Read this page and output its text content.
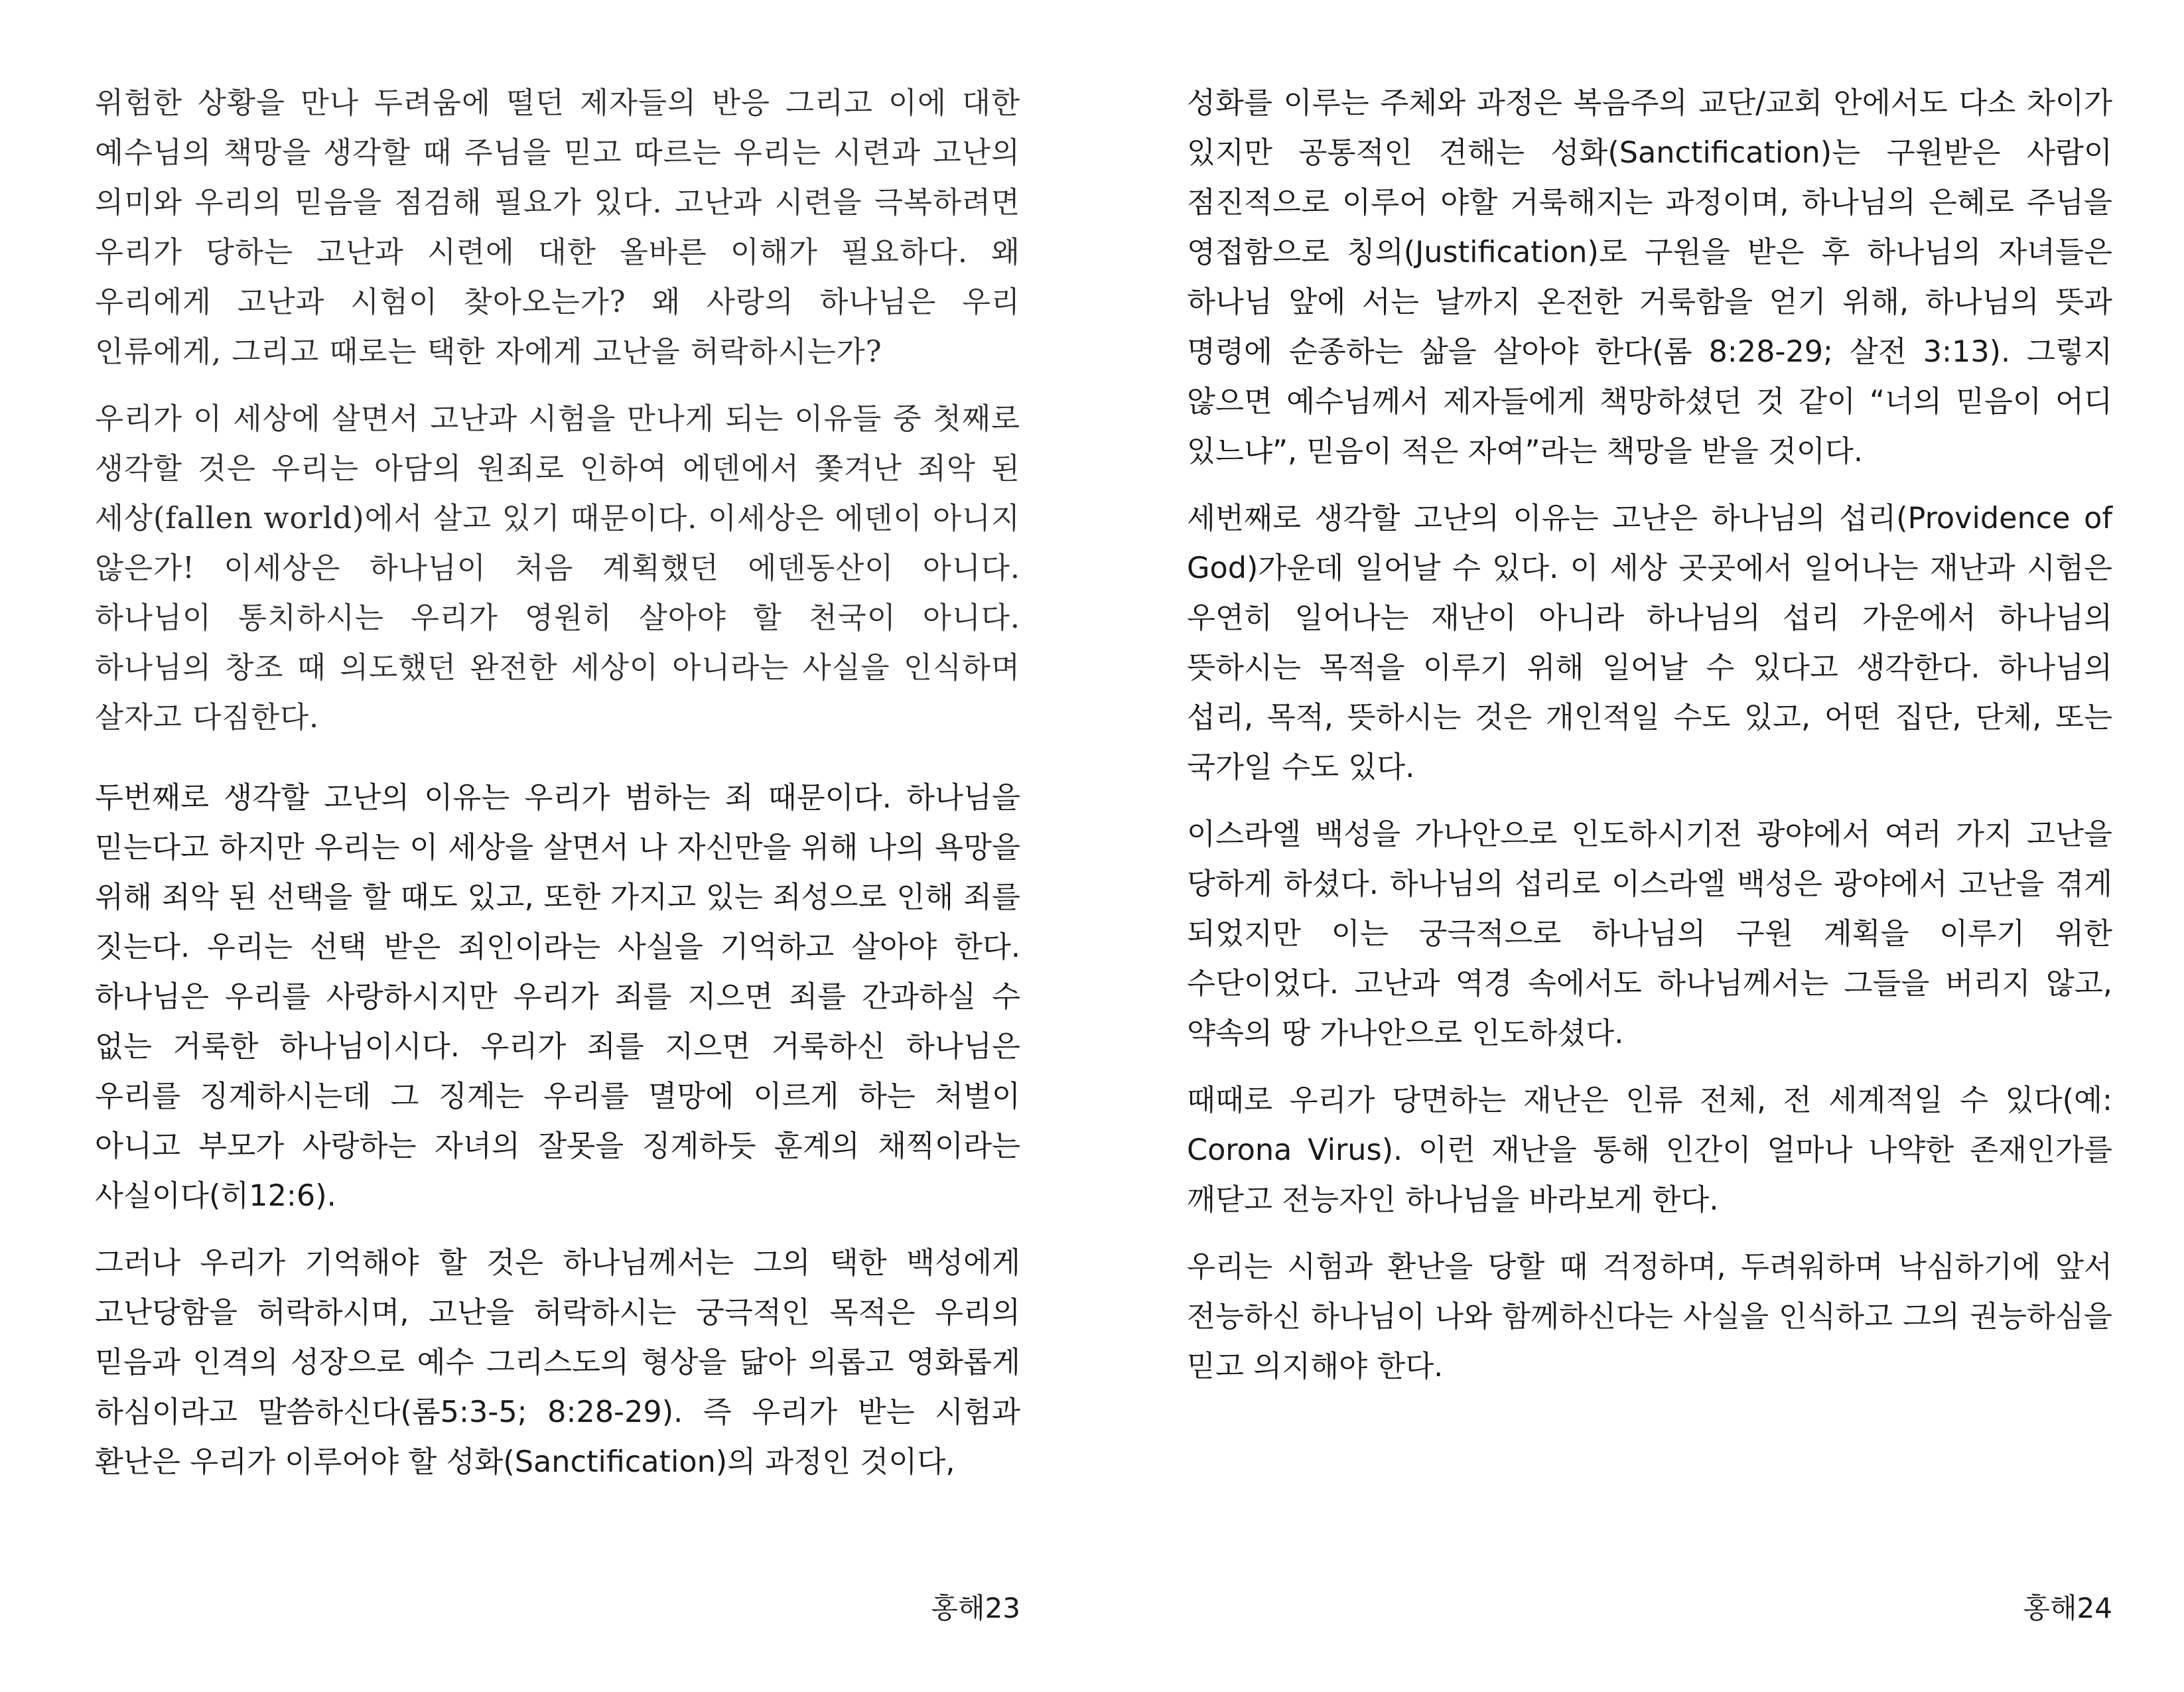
위험한 상황을 만나 두려움에 떨던 제자들의 반응 그리고 이에 대한 예수님의 책망을 생각할 때 주님을 믿고 따르는 우리는 시련과 고난의 의미와 우리의 믿음을 점검해 필요가 있다. 고난과 시련을 극복하려면 우리가 당하는 고난과 시련에 대한 올바른 이해가 필요하다. 왜 우리에게 고난과 시험이 찾아오는가? 왜 사랑의 하나님은 우리 인류에게, 그리고 때로는 택한 자에게 고난을 허락하시는가?

우리가 이 세상에 살면서 고난과 시험을 만나게 되는 이유들 중 첫째로 생각할 것은 우리는 아담의 원죄로 인하여 에덴에서 쫓겨난 죄악 된 세상(fallen world)에서 살고 있기 때문이다. 이세상은 에덴이 아니지 않은가! 이세상은 하나님이 처음 계획했던 에덴동산이 아니다. 하나님이 통치하시는 우리가 영원히 살아야 할 천국이 아니다. 하나님의 창조 때 의도했던 완전한 세상이 아니라는 사실을 인식하며 살자고 다짐한다.

두번째로 생각할 고난의 이유는 우리가 범하는 죄 때문이다. 하나님을 믿는다고 하지만 우리는 이 세상을 살면서 나 자신만을 위해 나의 욕망을 위해 죄악 된 선택을 할 때도 있고, 또한 가지고 있는 죄성으로 인해 죄를 짓는다. 우리는 선택 받은 죄인이라는 사실을 기억하고 살아야 한다. 하나님은 우리를 사랑하시지만 우리가 죄를 지으면 죄를 간과하실 수 없는 거룩한 하나님이시다. 우리가 죄를 지으면 거룩하신 하나님은 우리를 징계하시는데 그 징계는 우리를 멸망에 이르게 하는 처벌이 아니고 부모가 사랑하는 자녀의 잘못을 징계하듯 훈계의 채찍이라는 사실이다(히12:6).

그러나 우리가 기억해야 할 것은 하나님께서는 그의 택한 백성에게 고난당함을 허락하시며, 고난을 허락하시는 궁극적인 목적은 우리의 믿음과 인격의 성장으로 예수 그리스도의 형상을 닮아 의롭고 영화롭게 하심이라고 말씀하신다(롬5:3-5; 8:28-29). 즉 우리가 받는 시험과 환난은 우리가 이루어야 할 성화(Sanctification)의 과정인 것이다,

홍해23

성화를 이루는 주체와 과정은 복음주의 교단/교회 안에서도 다소 차이가 있지만 공통적인 견해는 성화(Sanctification)는 구원받은 사람이 점진적으로 이루어 야할 거룩해지는 과정이며, 하나님의 은혜로 주님을 영접함으로 칭의(Justification)로 구원을 받은 후 하나님의 자녀들은 하나님 앞에 서는 날까지 온전한 거룩함을 얻기 위해, 하나님의 뜻과 명령에 순종하는 삶을 살아야 한다(롬 8:28-29; 살전 3:13). 그렇지 않으면 예수님께서 제자들에게 책망하셨던 것 같이 “너의 믿음이 어디 있느냐”, 믿음이 적은 자여”라는 책망을 받을 것이다.

세번째로 생각할 고난의 이유는 고난은 하나님의 섭리(Providence of God)가운데 일어날 수 있다. 이 세상 곳곳에서 일어나는 재난과 시험은 우연히 일어나는 재난이 아니라 하나님의 섭리 가운에서 하나님의 뜻하시는 목적을 이루기 위해 일어날 수 있다고 생각한다. 하나님의 섭리, 목적, 뜻하시는 것은 개인적일 수도 있고, 어떤 집단, 단체, 또는 국가일 수도 있다.

이스라엘 백성을 가나안으로 인도하시기전 광야에서 여러 가지 고난을 당하게 하셨다. 하나님의 섭리로 이스라엘 백성은 광야에서 고난을 겪게 되었지만 이는 궁극적으로 하나님의 구원 계획을 이루기 위한 수단이었다. 고난과 역경 속에서도 하나님께서는 그들을 버리지 않고, 약속의 땅 가나안으로 인도하셨다.

때때로 우리가 당면하는 재난은 인류 전체, 전 세계적일 수 있다(예: Corona Virus). 이런 재난을 통해 인간이 얼마나 나약한 존재인가를 깨닫고 전능자인 하나님을 바라보게 한다.

우리는 시험과 환난을 당할 때 걱정하며, 두려워하며 낙심하기에 앞서 전능하신 하나님이 나와 함께하신다는 사실을 인식하고 그의 권능하심을 믿고 의지해야 한다.

홍해24
